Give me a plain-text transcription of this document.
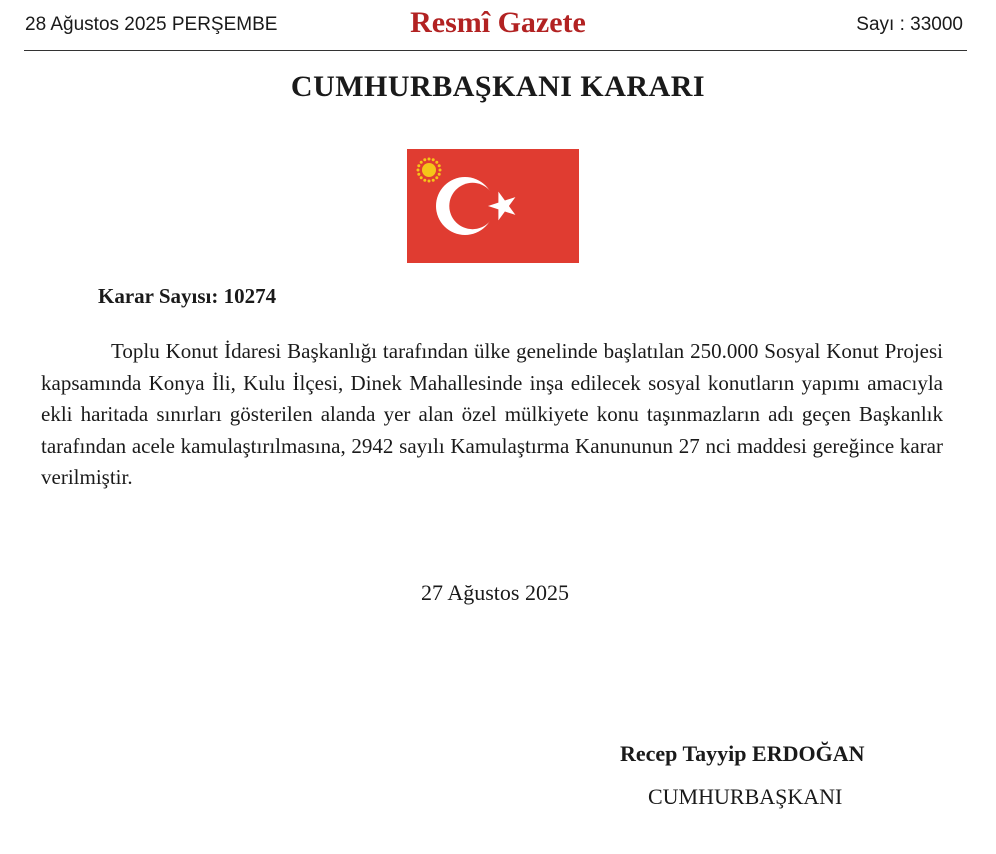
28 Ağustos 2025 PERŞEMBE	Resmî Gazete	Sayı : 33000
CUMHURBAŞKANI KARARI
Karar Sayısı: 10274

Toplu Konut İdaresi Başkanlığı tarafından ülke genelinde başlatılan 250.000 Sosyal Konut Projesi kapsamında Konya İli, Kulu İlçesi, Dinek Mahallesinde inşa edilecek sosyal konutların yapımı amacıyla ekli haritada sınırları gösterilen alanda yer alan özel mülkiyete konu taşınmazların adı geçen Başkanlık tarafından acele kamulaştırılmasına, 2942 sayılı Kamulaştırma Kanununun 27 nci maddesi gereğince karar verilmiştir.

27 Ağustos 2025
Recep Tayyip ERDOĞAN
CUMHURBAŞKANI
